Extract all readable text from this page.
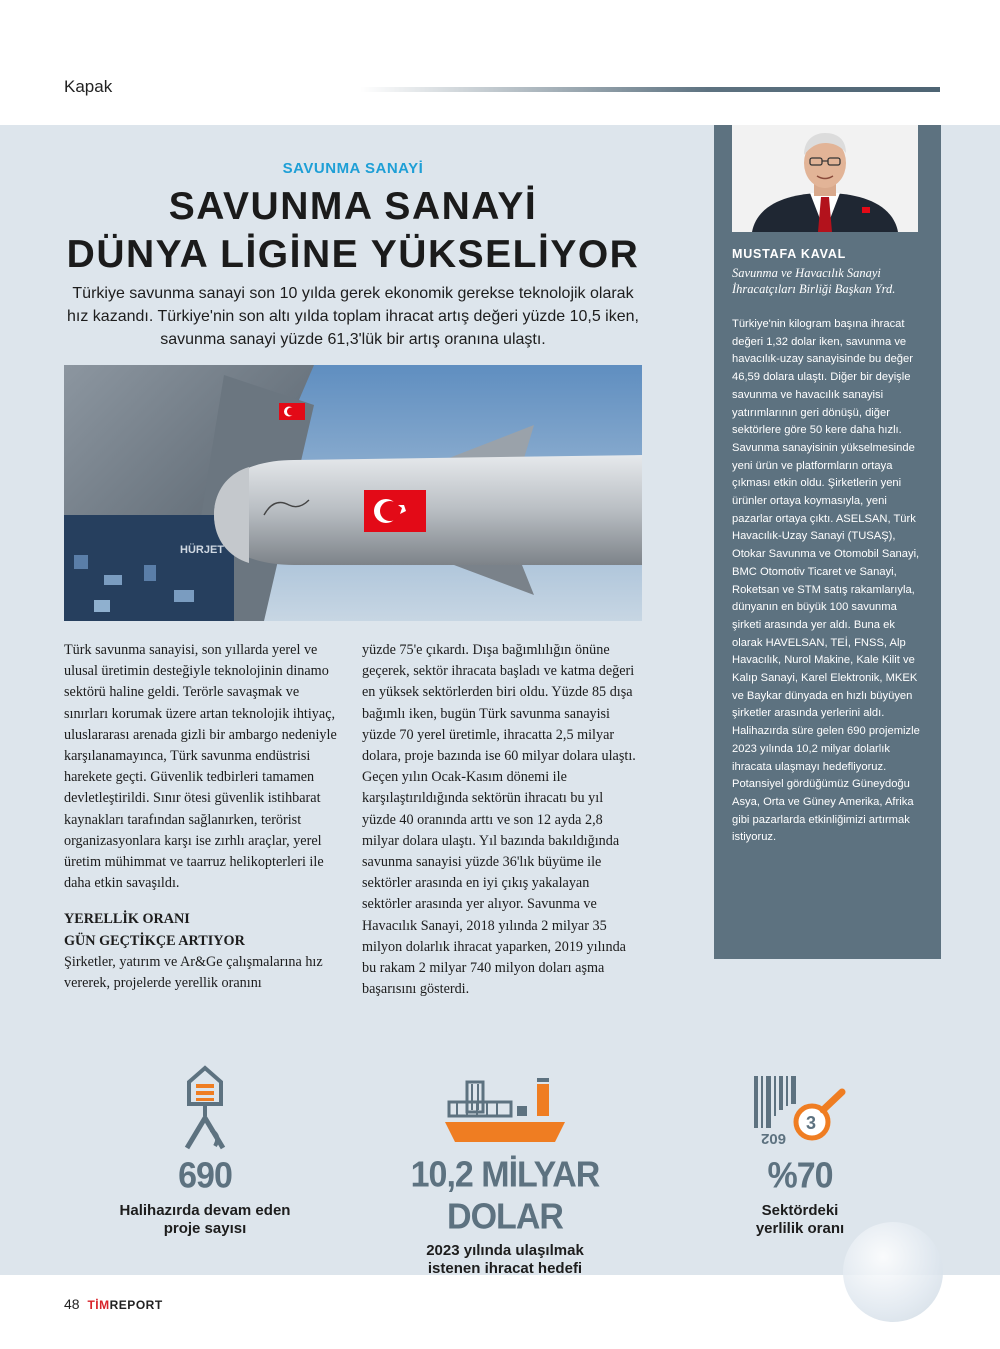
Kapak
SAVUNMA SANAYİ
SAVUNMA SANAYİ
DÜNYA LİGİNE YÜKSELİYOR

Türkiye savunma sanayi son 10 yılda gerek ekonomik gerekse teknolojik olarak hız kazandı. Türkiye'nin son altı yılda toplam ihracat artış değeri yüzde 10,5 iken, savunma sanayi yüzde 61,3'lük bir artış oranına ulaştı.

HÜRJET

Türk savunma sanayisi, son yıllarda yerel ve ulusal üretimin desteğiyle teknolojinin dinamo sektörü haline geldi. Terörle savaşmak ve sınırları korumak üzere artan teknolojik ihtiyaç, uluslararası arenada gizli bir ambargo nedeniyle karşılanamayınca, Türk savunma endüstrisi harekete geçti. Güvenlik tedbirleri tamamen devletleştirildi. Sınır ötesi güvenlik istihbarat kaynakları tarafından sağlanırken, terörist organizasyonlara karşı ise zırhlı araçlar, yerel üretim mühimmat ve taarruz helikopterleri ile daha etkin savaşıldı.

YERELLİK ORANI
GÜN GEÇTİKÇE ARTIYOR

Şirketler, yatırım ve Ar&Ge çalışmalarına hız vererek, projelerde yerellik oranını

yüzde 75'e çıkardı. Dışa bağımlılığın önüne geçerek, sektör ihracata başladı ve katma değeri en yüksek sektörlerden biri oldu. Yüzde 85 dışa bağımlı iken, bugün Türk savunma sanayisi yüzde 70 yerel üretimle, ihracatta 2,5 milyar dolara, proje bazında ise 60 milyar dolara ulaştı. Geçen yılın Ocak-Kasım dönemi ile karşılaştırıldığında sektörün ihracatı bu yıl yüzde 40 oranında arttı ve son 12 ayda 2,8 milyar dolara ulaştı. Yıl bazında bakıldığında savunma sanayisi yüzde 36'lık büyüme ile sektörler arasında en iyi çıkış yakalayan sektörler arasında yer alıyor. Savunma ve Havacılık Sanayi, 2018 yılında 2 milyar 35 milyon dolarlık ihracat yaparken, 2019 yılında bu rakam 2 milyar 740 milyon doları aşma başarısını gösterdi.

MUSTAFA KAVAL
Savunma ve Havacılık Sanayi İhracatçıları Birliği Başkan Yrd.
Türkiye'nin kilogram başına ihracat değeri 1,32 dolar iken, savunma ve havacılık-uzay sanayisinde bu değer 46,59 dolara ulaştı. Diğer bir deyişle savunma ve havacılık sanayisi yatırımlarının geri dönüşü, diğer sektörlere göre 50 kere daha hızlı. Savunma sanayisinin yükselmesinde yeni ürün ve platformların ortaya çıkması etkin oldu. Şirketlerin yeni ürünler ortaya koymasıyla, yeni pazarlar ortaya çıktı. ASELSAN, Türk Havacılık-Uzay Sanayi (TUSAŞ), Otokar Savunma ve Otomobil Sanayi, BMC Otomotiv Ticaret ve Sanayi, Roketsan ve STM satış rakamlarıyla, dünyanın en büyük 100 savunma şirketi arasında yer aldı. Buna ek olarak HAVELSAN, TEİ, FNSS, Alp Havacılık, Nurol Makine, Kale Kilit ve Kalıp Sanayi, Karel Elektronik, MKEK ve Baykar dünyada en hızlı büyüyen şirketler arasında yerlerini aldı. Halihazırda süre gelen 690 projemizle 2023 yılında 10,2 milyar dolarlık ihracata ulaşmayı hedefliyoruz. Potansiyel gördüğümüz Güneydoğu Asya, Orta ve Güney Amerika, Afrika gibi pazarlarda etkinliğimizi artırmak istiyoruz.
690
Halihazırda devam eden
proje sayısı
10,2 MİLYAR DOLAR
2023 yılında ulaşılmak
istenen ihracat hedefi
602
3
%70
Sektördeki
yerlilik oranı
48 TİMREPORT
